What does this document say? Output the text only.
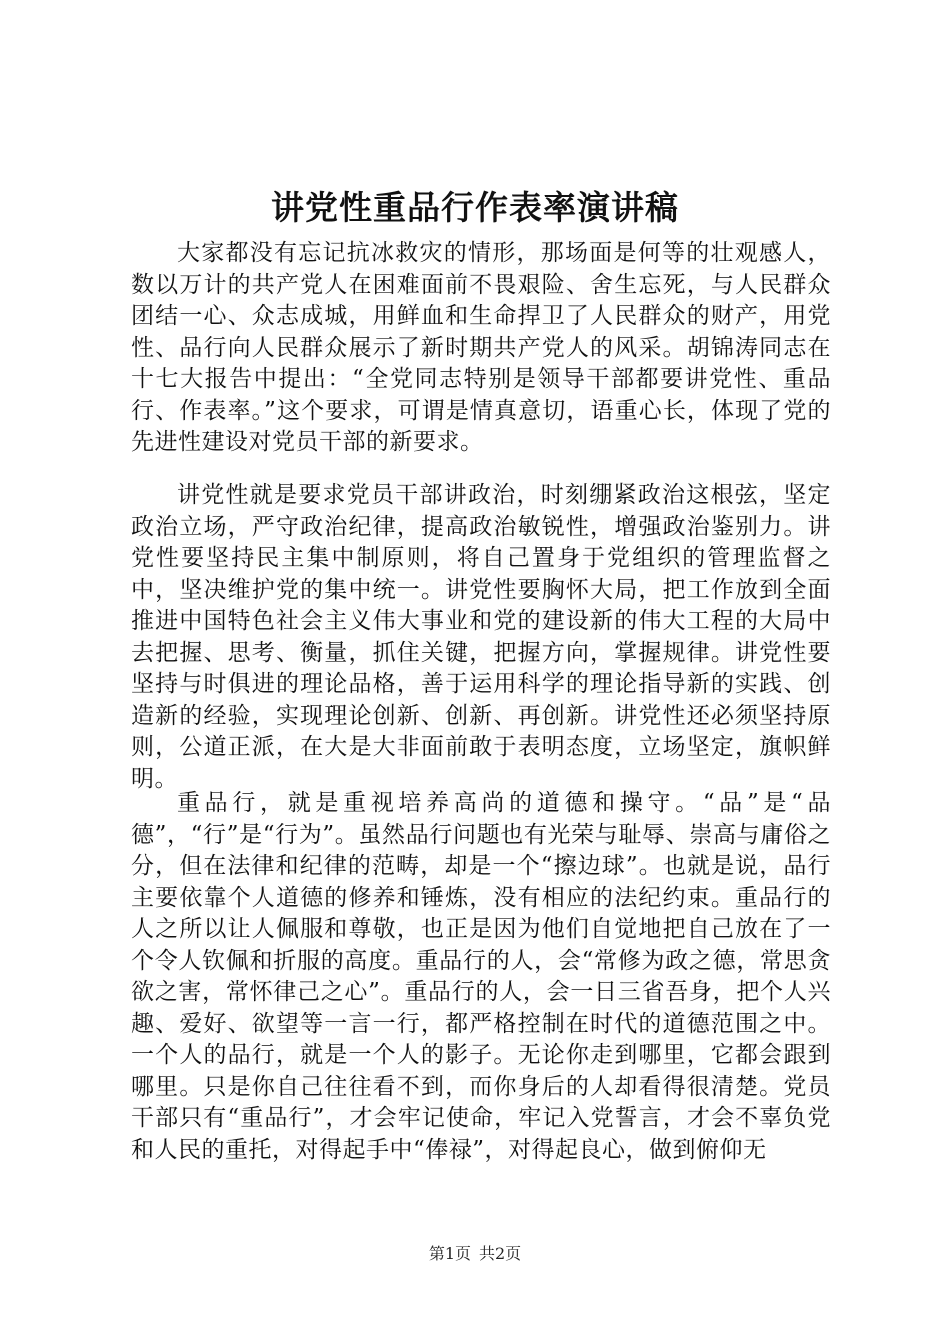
讲党性重品行作表率演讲稿

大家都没有忘记抗冰救灾的情形，那场面是何等的壮观感人，数以万计的共产党人在困难面前不畏艰险、舍生忘死，与人民群众团结一心、众志成城，用鲜血和生命捍卫了人民群众的财产，用党性、品行向人民群众展示了新时期共产党人的风采。胡锦涛同志在十七大报告中提出：“全党同志特别是领导干部都要讲党性、重品行、作表率。”这个要求，可谓是情真意切，语重心长，体现了党的先进性建设对党员干部的新要求。

讲党性就是要求党员干部讲政治，时刻绷紧政治这根弦，坚定政治立场，严守政治纪律，提高政治敏锐性，增强政治鉴别力。讲党性要坚持民主集中制原则，将自己置身于党组织的管理监督之中，坚决维护党的集中统一。讲党性要胸怀大局，把工作放到全面推进中国特色社会主义伟大事业和党的建设新的伟大工程的大局中去把握、思考、衡量，抓住关键，把握方向，掌握规律。讲党性要坚持与时俱进的理论品格，善于运用科学的理论指导新的实践、创造新的经验，实现理论创新、创新、再创新。讲党性还必须坚持原则，公道正派，在大是大非面前敢于表明态度，立场坚定，旗帜鲜明。

重品行，就是重视培养高尚的道德和操守。“品”是“品德”，“行”是“行为”。虽然品行问题也有光荣与耻辱、崇高与庸俗之分，但在法律和纪律的范畴，却是一个“擦边球”。也就是说，品行主要依靠个人道德的修养和锤炼，没有相应的法纪约束。重品行的人之所以让人佩服和尊敬，也正是因为他们自觉地把自己放在了一个令人钦佩和折服的高度。重品行的人，会“常修为政之德，常思贪欲之害，常怀律己之心”。重品行的人，会一日三省吾身，把个人兴趣、爱好、欲望等一言一行，都严格控制在时代的道德范围之中。一个人的品行，就是一个人的影子。无论你走到哪里，它都会跟到哪里。只是你自己往往看不到，而你身后的人却看得很清楚。党员干部只有“重品行”，才会牢记使命，牢记入党誓言，才会不辜负党和人民的重托，对得起手中“俸禄”，对得起良心，做到俯仰无

第1页 共2页
